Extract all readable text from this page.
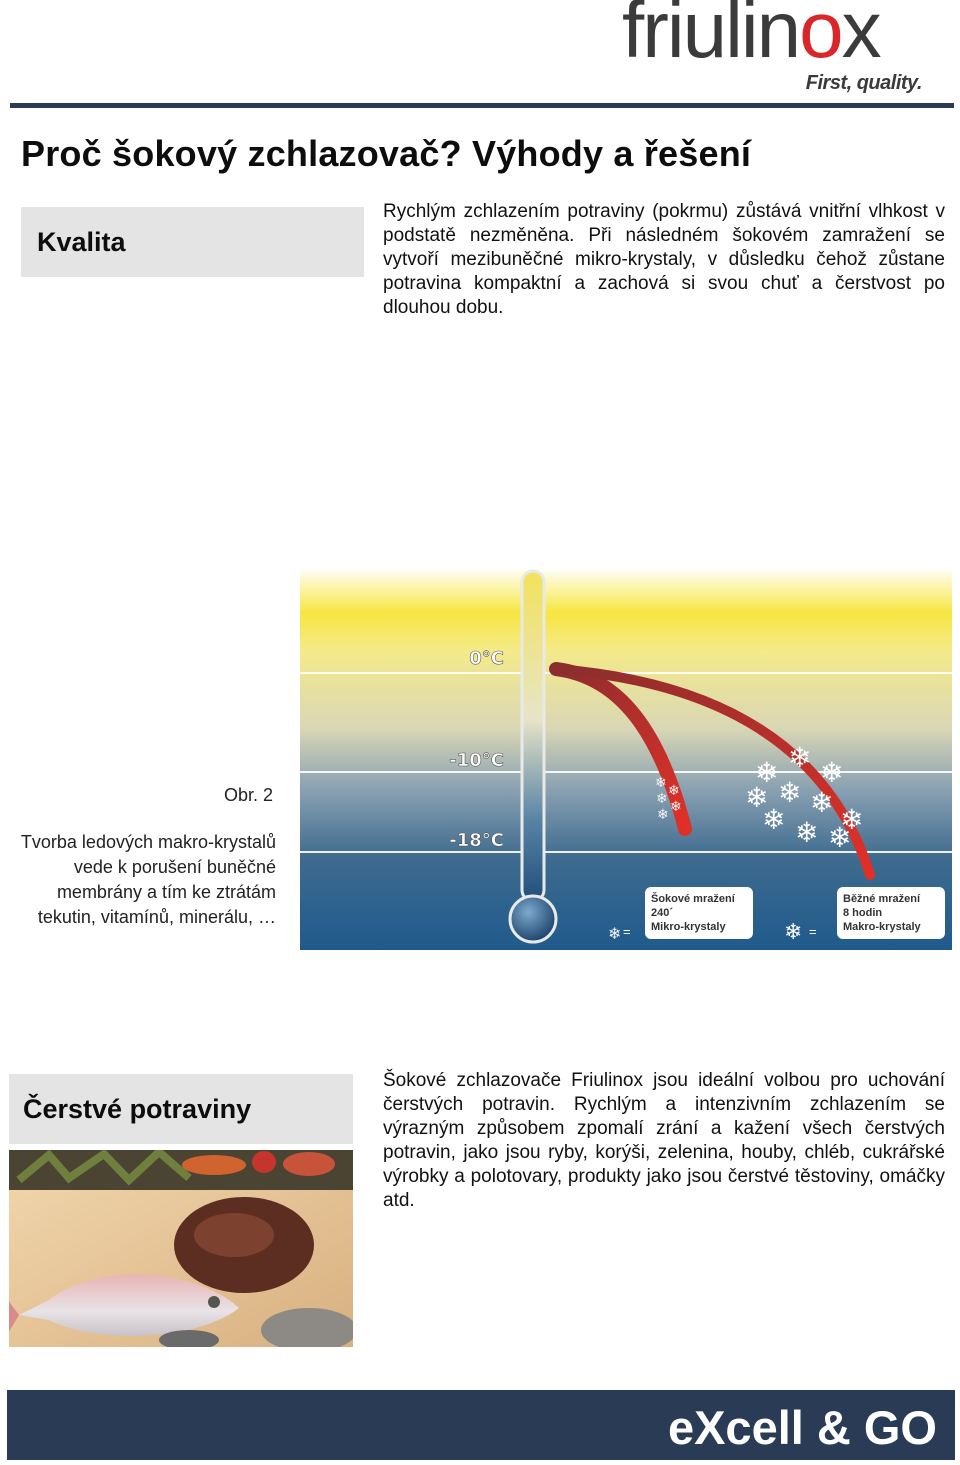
friulinox
First, quality.
Proč šokový zchlazovač? Výhody a řešení
Kvalita
Rychlým zchlazením potraviny (pokrmu) zůstává vnitřní vlhkost v podstatě nezměněna. Při následném šokovém zamražení se vytvoří mezibuněčné mikro-krystaly, v důsledku čehož zůstane potravina kompaktní a zachová si svou chuť a čerstvost po dlouhou dobu.
Obr. 2
Tvorba ledových makro-krystalů vede k porušení buněčné membrány a tím ke ztrátám tekutin, vitamínů, minerálu, …
0°C
-10°C
-18°C
❄ ❄
❄ ❄
❄
❄ ❄ ❄
❄ ❄ ❄
❄
❄ ❄ ❄
❄ =
Šokové mražení
240´
Mikro-krystaly	❄ =
Běžné mražení
8 hodin
Makro-krystaly
Čerstvé potraviny
Šokové zchlazovače Friulinox jsou ideální volbou pro uchování čerstvých potravin. Rychlým a intenzivním zchlazením se výrazným způsobem zpomalí zrání a kažení všech čerstvých potravin, jako jsou ryby, korýši, zelenina, houby, chléb, cukrářské výrobky a polotovary, produkty jako jsou čerstvé těstoviny, omáčky atd.
eXcell & GO
